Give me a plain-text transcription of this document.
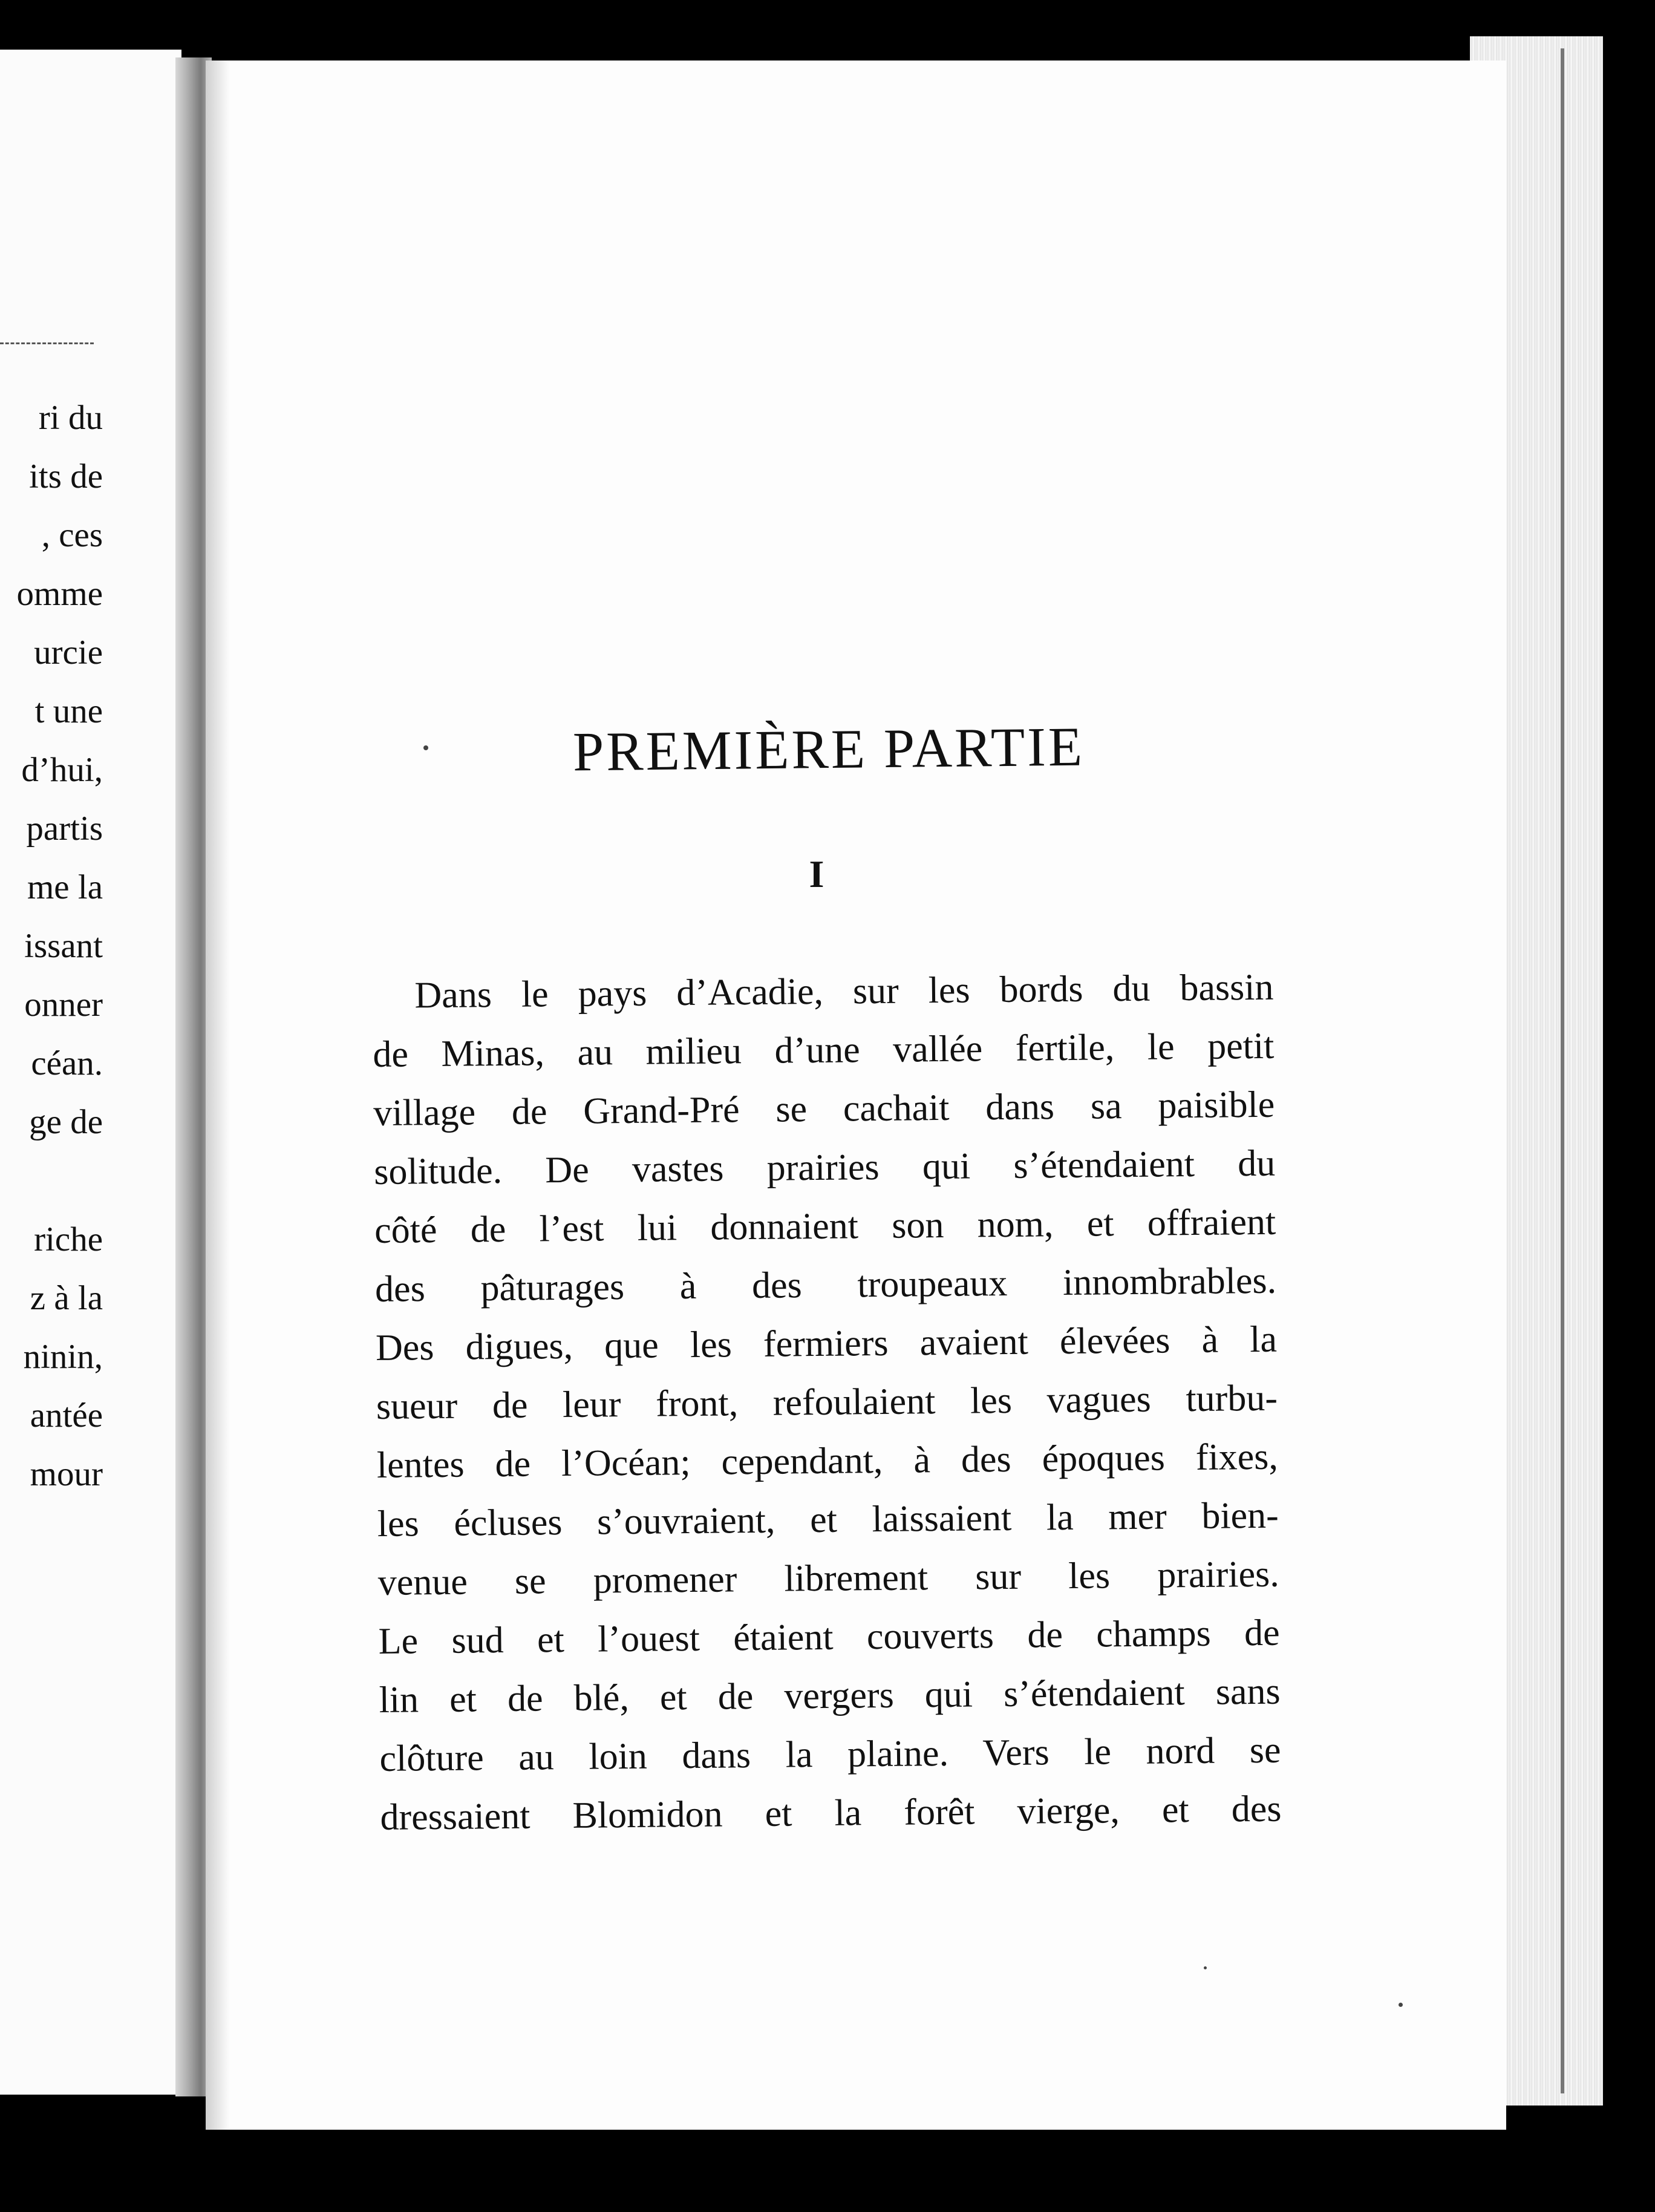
ri du
its de
, ces
omme
urcie
t une
d’hui,
partis
me la
issant
onner
céan.
ge de
riche
z à la
ninin,
antée
mour
PREMIÈRE PARTIE
I
Dans le pays d’Acadie, sur les bords du bassin
de Minas, au milieu d’une vallée fertile, le petit
village de Grand-Pré se cachait dans sa paisible
solitude. De vastes prairies qui s’étendaient du
côté de l’est lui donnaient son nom, et offraient
des pâturages à des troupeaux innombrables.
Des digues, que les fermiers avaient élevées à la
sueur de leur front, refoulaient les vagues turbu-
lentes de l’Océan; cependant, à des époques fixes,
les écluses s’ouvraient, et laissaient la mer bien-
venue se promener librement sur les prairies.
Le sud et l’ouest étaient couverts de champs de
lin et de blé, et de vergers qui s’étendaient sans
clôture au loin dans la plaine. Vers le nord se
dressaient Blomidon et la forêt vierge, et des
